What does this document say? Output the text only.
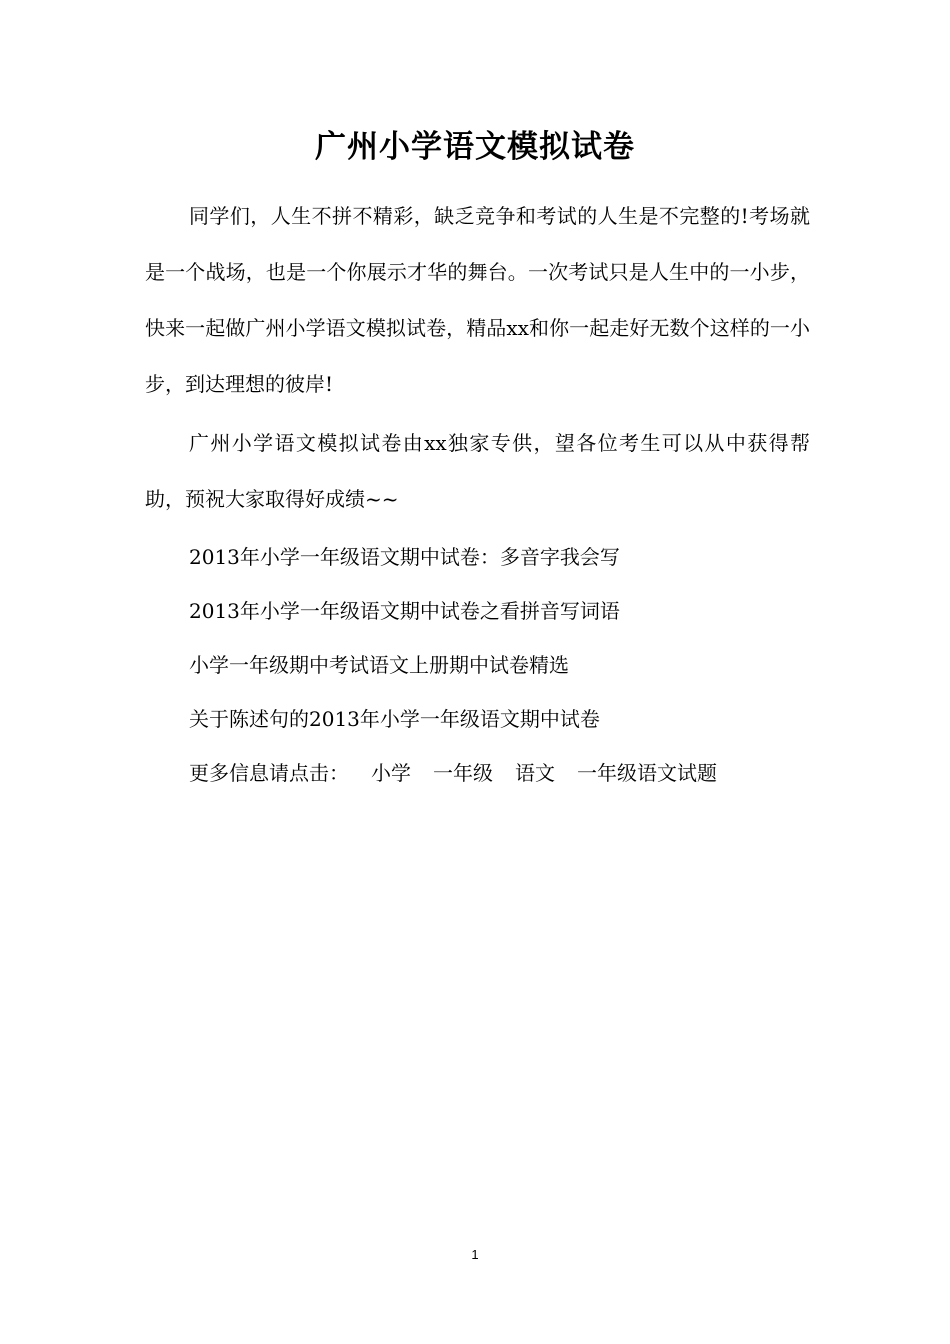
广州小学语文模拟试卷

同学们，人生不拼不精彩，缺乏竞争和考试的人生是不完整的!考场就是一个战场，也是一个你展示才华的舞台。一次考试只是人生中的一小步，快来一起做广州小学语文模拟试卷，精品xx和你一起走好无数个这样的一小步，到达理想的彼岸!

广州小学语文模拟试卷由xx独家专供，望各位考生可以从中获得帮助，预祝大家取得好成绩~~

2013年小学一年级语文期中试卷：多音字我会写
2013年小学一年级语文期中试卷之看拼音写词语
小学一年级期中考试语文上册期中试卷精选
关于陈述句的2013年小学一年级语文期中试卷
更多信息请点击： 小学 一年级 语文 一年级语文试题
1
